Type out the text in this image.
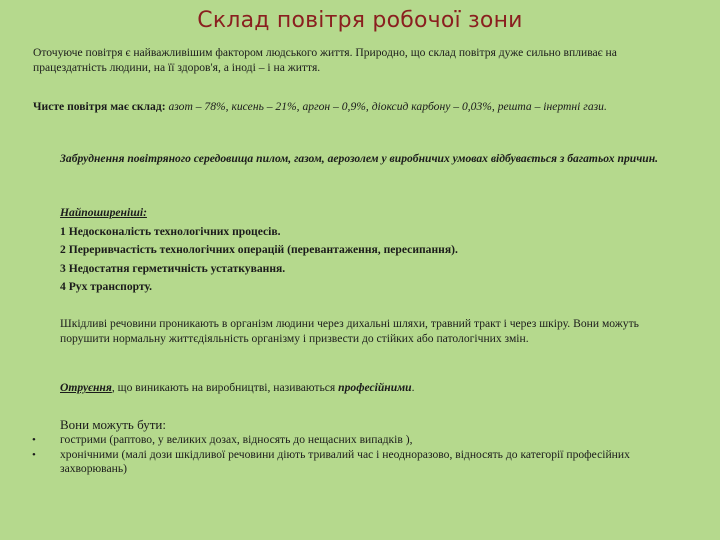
Склад повітря робочої зони
Оточуюче повітря є найважливішим фактором людського життя. Природно, що склад повітря дуже сильно впливає на працездатність людини, на її здоров'я, а іноді – і на життя.
Чисте повітря має склад: азот – 78%, кисень – 21%, аргон – 0,9%, діоксид карбону – 0,03%, решта – інертні гази.
Забруднення повітряного середовища пилом, газом, аерозолем у виробничих умовах відбувається з багатьох причин.
Найпоширеніші:
1 Недосконалість технологічних процесів.
2 Переривчастість технологічних операцій (перевантаження, пересипання).
3 Недостатня герметичність устаткування.
4 Рух транспорту.
Шкідливі речовини проникають в організм людини через дихальні шляхи, травний тракт і через шкіру. Вони можуть порушити нормальну життєдіяльність організму і призвести до стійких або патологічних змін.
Отруєння, що виникають на виробництві, називаються професійними.
Вони можуть бути:
• гострими (раптово, у великих дозах, відносять до нещасних випадків ),
• хронічними (малі дози шкідливої речовини діють тривалий час і неодноразово, відносять до категорії професійних захворювань)
